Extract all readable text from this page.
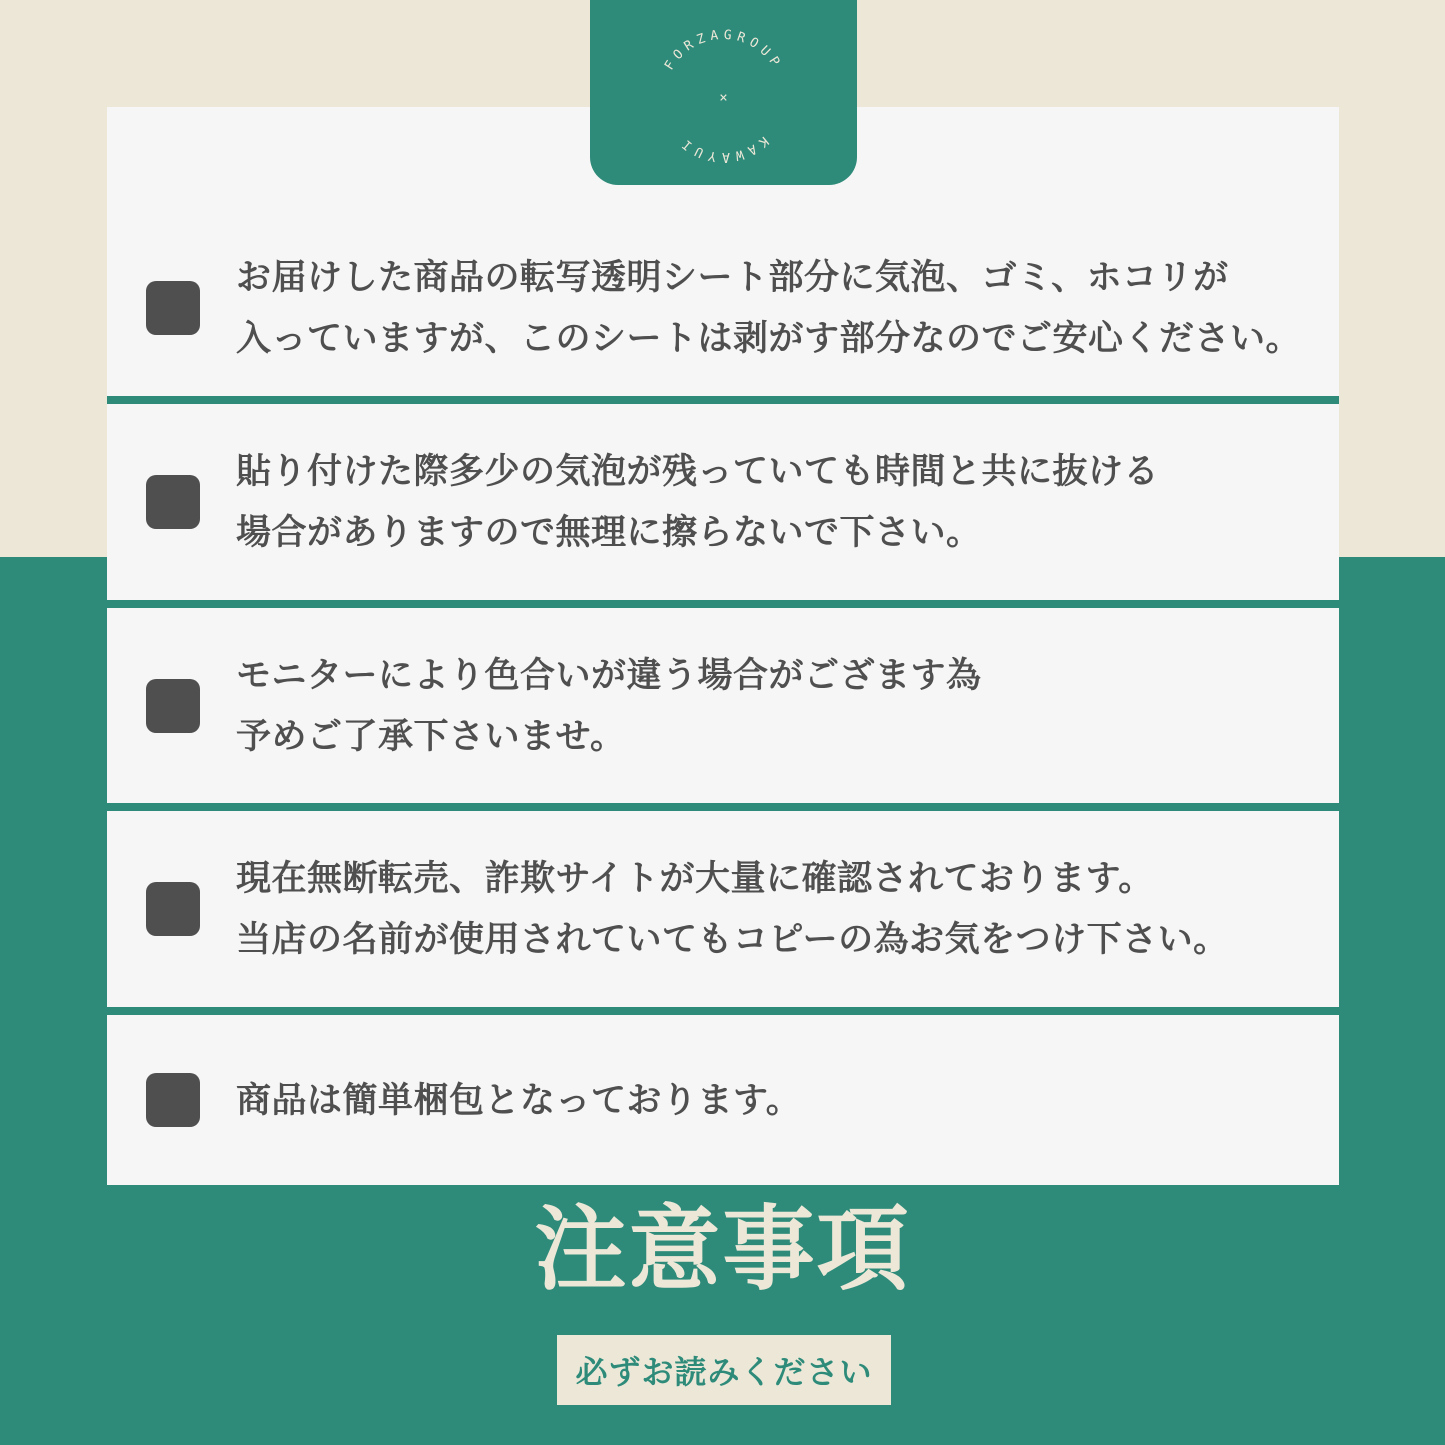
お届けした商品の転写透明シート部分に気泡、ゴミ、ホコリが
入っていますが、このシートは剥がす部分なのでご安心ください。
貼り付けた際多少の気泡が残っていても時間と共に抜ける
場合がありますので無理に擦らないで下さい。
モニターにより色合いが違う場合がござます為
予めご了承下さいませ。
現在無断転売、詐欺サイトが大量に確認されております。
当店の名前が使用されていてもコピーの為お気をつけ下さい。
商品は簡単梱包となっております。
FORZAGROUP
×
KAWAYUI
注意事項
必ずお読みください
